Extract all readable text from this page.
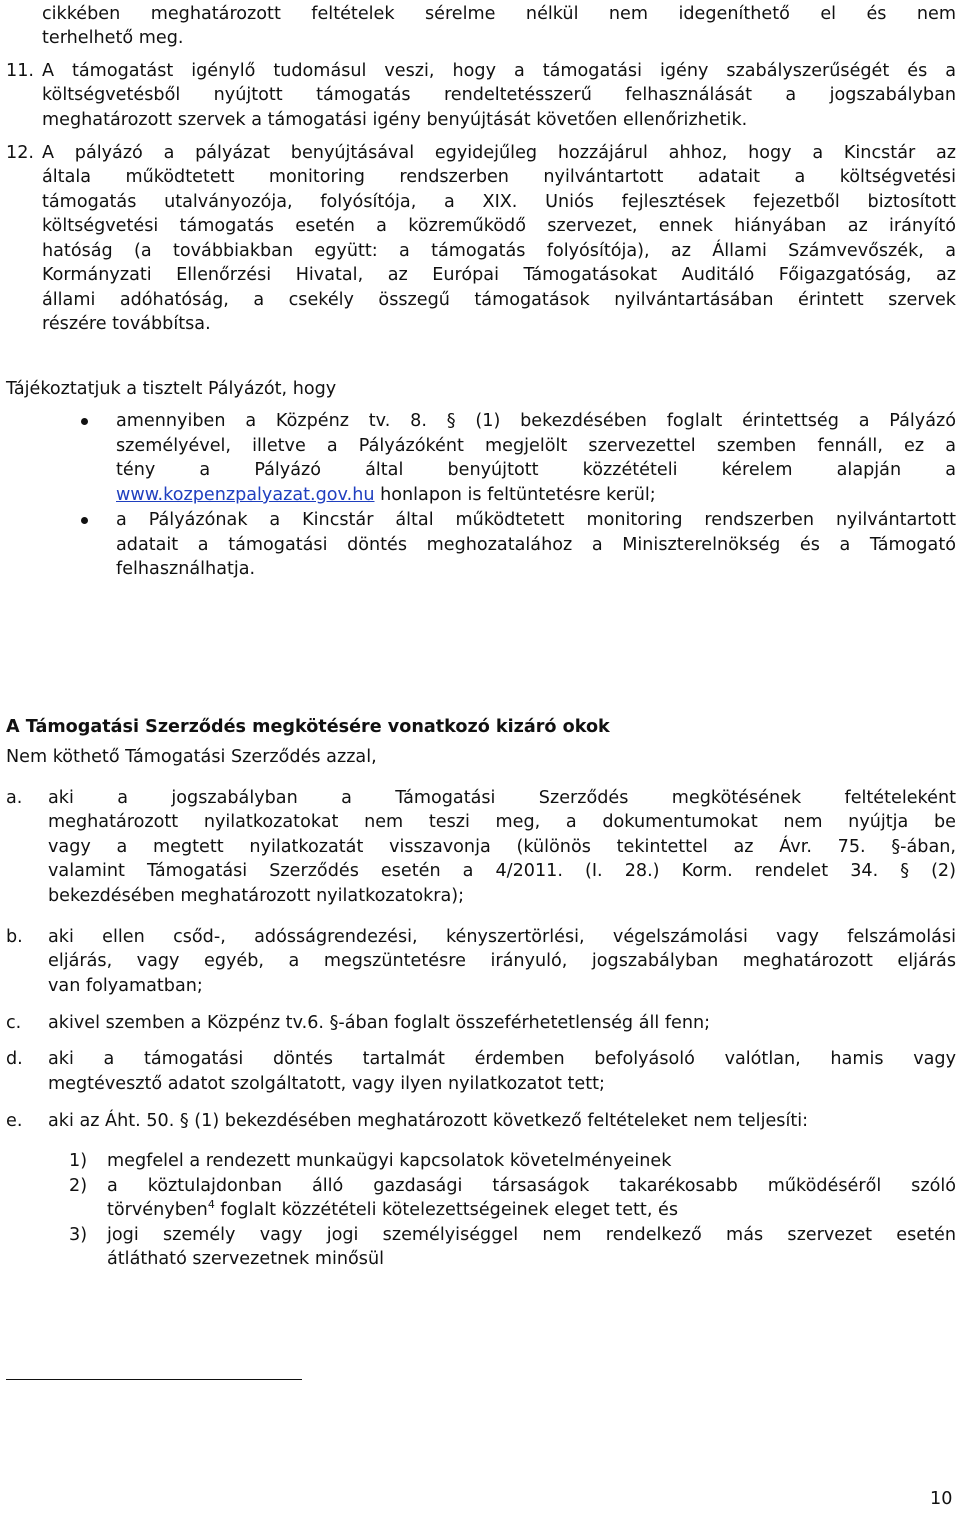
cikkében meghatározott feltételek sérelme nélkül nem idegeníthető el és nem
terhelhető meg.
11. A támogatást igénylő tudomásul veszi, hogy a támogatási igény szabályszerűségét és a
költségvetésből nyújtott támogatás rendeltetésszerű felhasználását a jogszabályban
meghatározott szervek a támogatási igény benyújtását követően ellenőrizhetik.
12. A pályázó a pályázat benyújtásával egyidejűleg hozzájárul ahhoz, hogy a Kincstár az
általa működtetett monitoring rendszerben nyilvántartott adatait a költségvetési
támogatás utalványozója, folyósítója, a XIX. Uniós fejlesztések fejezetből biztosított
költségvetési támogatás esetén a közreműködő szervezet, ennek hiányában az irányító
hatóság (a továbbiakban együtt: a támogatás folyósítója), az Állami Számvevőszék, a
Kormányzati Ellenőrzési Hivatal, az Európai Támogatásokat Auditáló Főigazgatóság, az
állami adóhatóság, a csekély összegű támogatások nyilvántartásában érintett szervek
részére továbbítsa.
Tájékoztatjuk a tisztelt Pályázót, hogy
amennyiben a Közpénz tv. 8. § (1) bekezdésében foglalt érintettség a Pályázó
személyével, illetve a Pályázóként megjelölt szervezettel szemben fennáll, ez a
tény a Pályázó által benyújtott közzétételi kérelem alapján a
www.kozpenzpalyazat.gov.hu honlapon is feltüntetésre kerül;
a Pályázónak a Kincstár által működtetett monitoring rendszerben nyilvántartott
adatait a támogatási döntés meghozatalához a Miniszterelnökség és a Támogató
felhasználhatja.
A Támogatási Szerződés megkötésére vonatkozó kizáró okok
Nem köthető Támogatási Szerződés azzal,
a. aki a jogszabályban a Támogatási Szerződés megkötésének feltételeként
meghatározott nyilatkozatokat nem teszi meg, a dokumentumokat nem nyújtja be
vagy a megtett nyilatkozatát visszavonja (különös tekintettel az Ávr. 75. §-ában,
valamint Támogatási Szerződés esetén a 4/2011. (I. 28.) Korm. rendelet 34. § (2)
bekezdésében meghatározott nyilatkozatokra);
b. aki ellen csőd-, adósságrendezési, kényszertörlési, végelszámolási vagy felszámolási
eljárás, vagy egyéb, a megszüntetésre irányuló, jogszabályban meghatározott eljárás
van folyamatban;
c. akivel szemben a Közpénz tv.6. §-ában foglalt összeférhetetlenség áll fenn;
d. aki a támogatási döntés tartalmát érdemben befolyásoló valótlan, hamis vagy
megtévesztő adatot szolgáltatott, vagy ilyen nyilatkozatot tett;
e. aki az Áht. 50. § (1) bekezdésében meghatározott következő feltételeket nem teljesíti:
1) megfelel a rendezett munkaügyi kapcsolatok követelményeinek
2) a köztulajdonban álló gazdasági társaságok takarékosabb működéséről szóló
törvényben$^4$ foglalt közzétételi kötelezettségeinek eleget tett, és
3) jogi személy vagy jogi személyiséggel nem rendelkező más szervezet esetén
átlátható szervezetnek minősül
10
